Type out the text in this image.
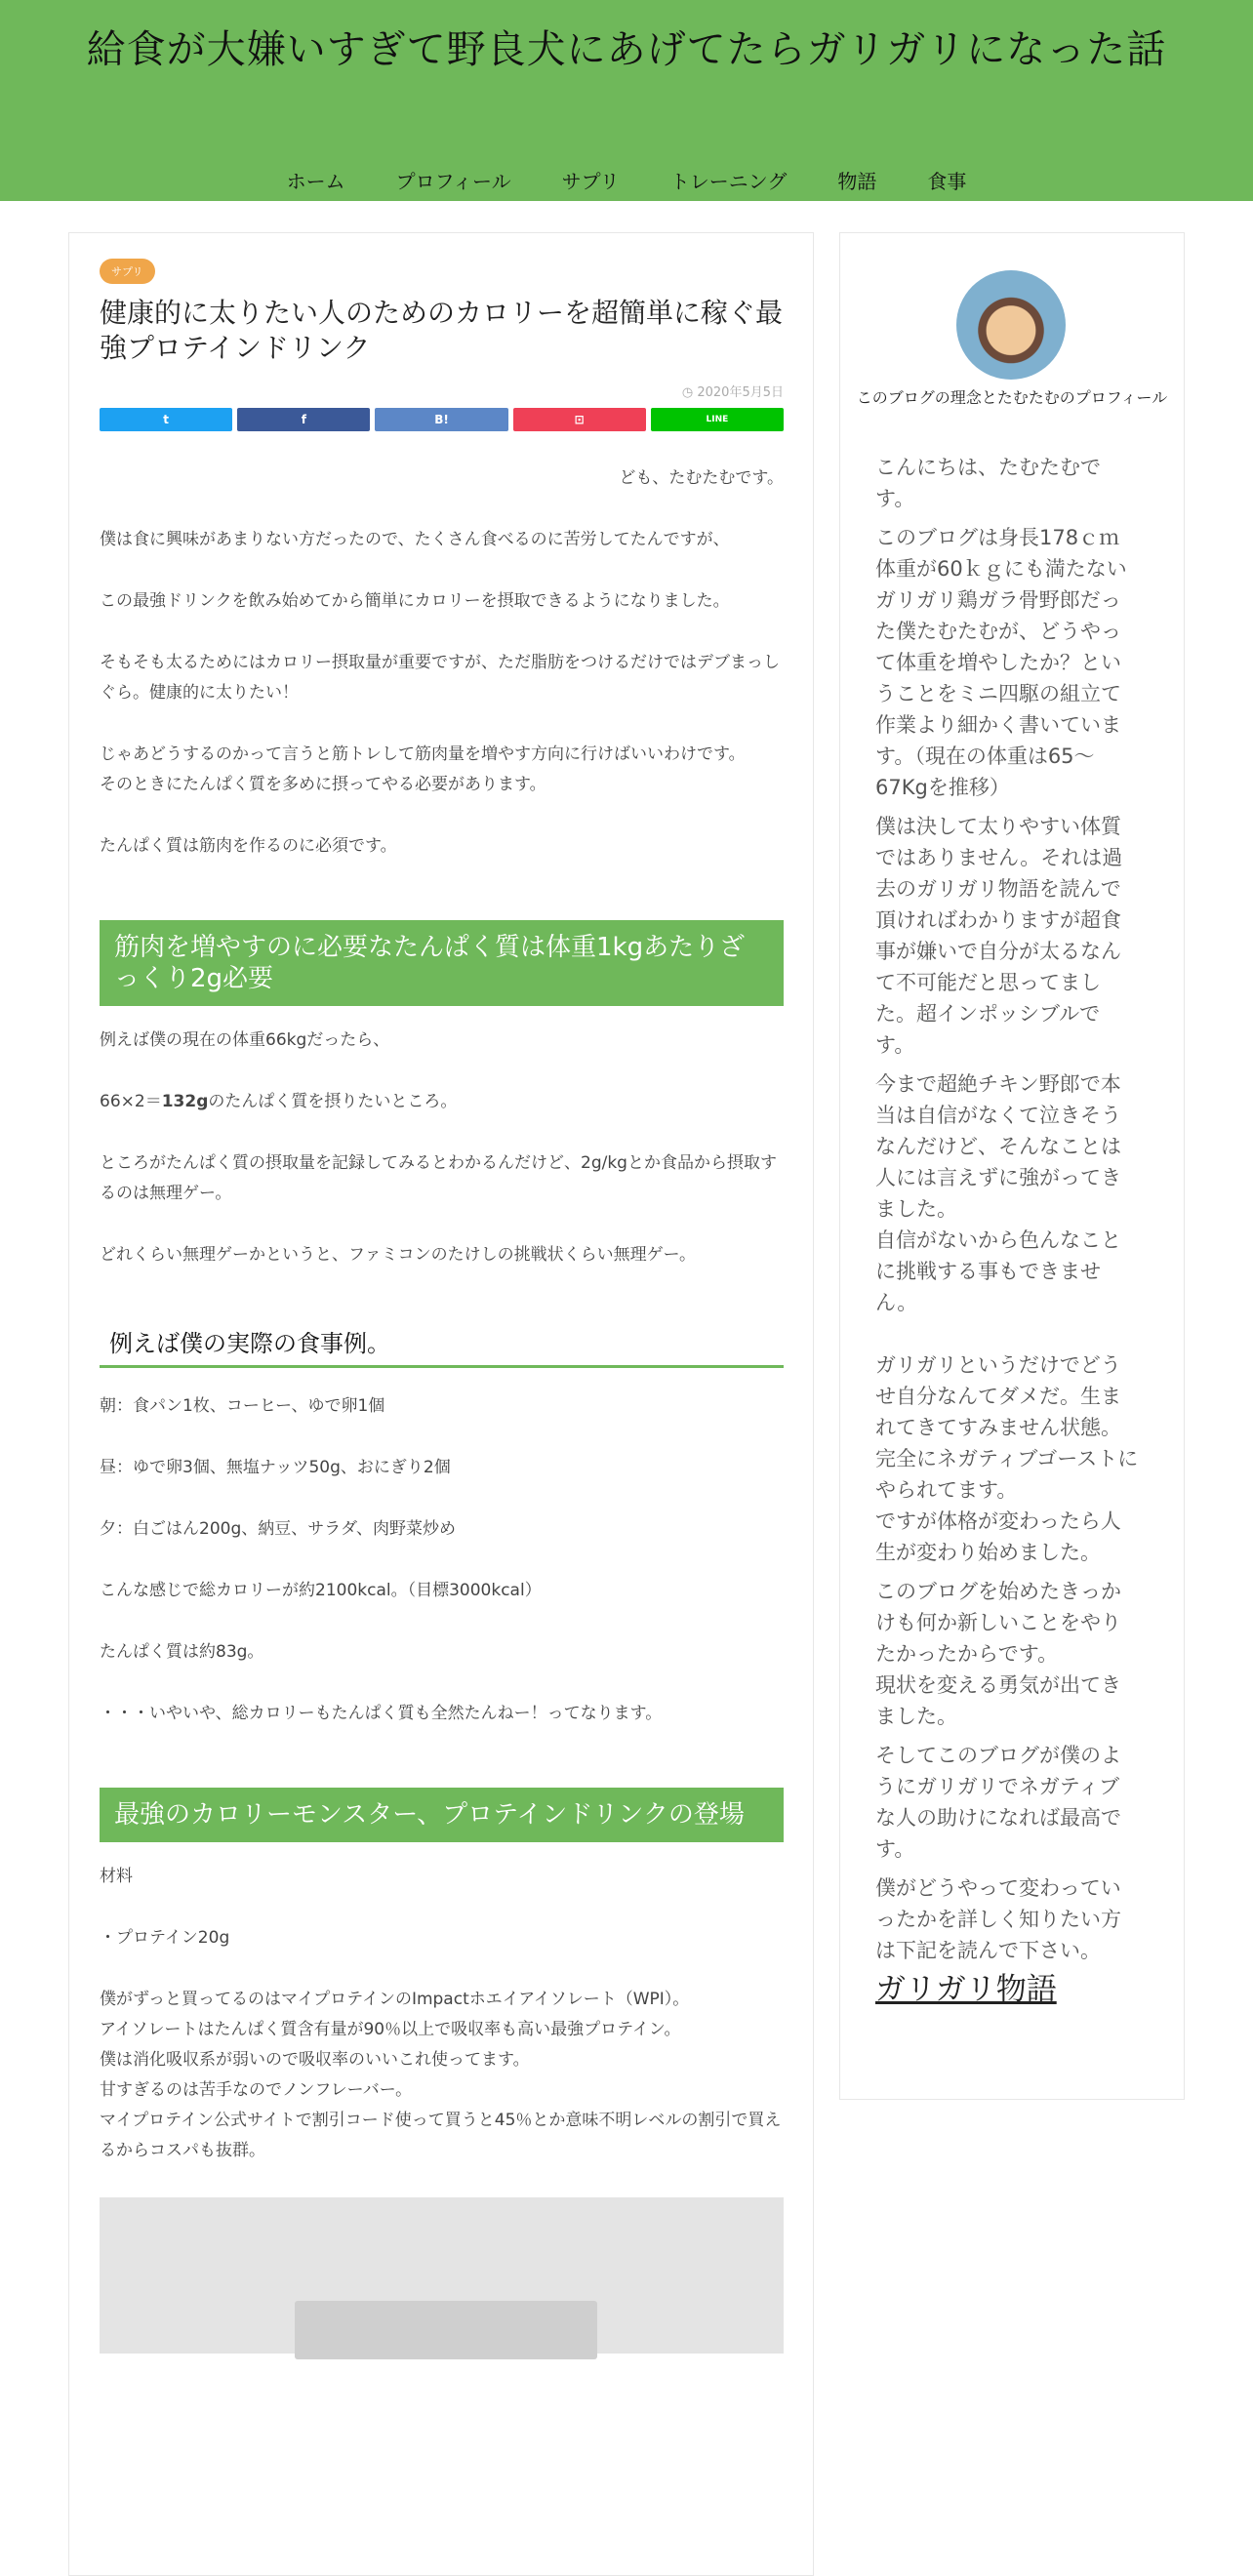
給食が大嫌いすぎて野良犬にあげてたらガリガリになった話
ホーム	プロフィール	サプリ	トレーニング	物語	食事
サプリ
健康的に太りたい人のためのカロリーを超簡単に稼ぐ最強プロテインドリンク
◷ 2020年5月5日
t	f	B!	⊡	LINE

ども、たむたむです。

僕は食に興味があまりない方だったので、たくさん食べるのに苦労してたんですが、

この最強ドリンクを飲み始めてから簡単にカロリーを摂取できるようになりました。

そもそも太るためにはカロリー摂取量が重要ですが、ただ脂肪をつけるだけではデブまっしぐら。健康的に太りたい！

じゃあどうするのかって言うと筋トレして筋肉量を増やす方向に行けばいいわけです。
そのときにたんぱく質を多めに摂ってやる必要があります。

たんぱく質は筋肉を作るのに必須です。

筋肉を増やすのに必要なたんぱく質は体重1kgあたりざっくり2g必要

例えば僕の現在の体重66kgだったら、

66×2＝132gのたんぱく質を摂りたいところ。

ところがたんぱく質の摂取量を記録してみるとわかるんだけど、2g/kgとか食品から摂取するのは無理ゲー。

どれくらい無理ゲーかというと、ファミコンのたけしの挑戦状くらい無理ゲー。

例えば僕の実際の食事例。

朝：食パン1枚、コーヒー、ゆで卵1個

昼：ゆで卵3個、無塩ナッツ50g、おにぎり2個

夕：白ごはん200g、納豆、サラダ、肉野菜炒め

こんな感じで総カロリーが約2100kcal。（目標3000kcal）

たんぱく質は約83g。

・・・いやいや、総カロリーもたんぱく質も全然たんねー！ってなります。

最強のカロリーモンスター、プロテインドリンクの登場

材料

・プロテイン20g

僕がずっと買ってるのはマイプロテインのImpactホエイアイソレート（WPI）。
アイソレートはたんぱく質含有量が90％以上で吸収率も高い最強プロテイン。
僕は消化吸収系が弱いので吸収率のいいこれ使ってます。
甘すぎるのは苦手なのでノンフレーバー。
マイプロテイン公式サイトで割引コード使って買うと45％とか意味不明レベルの割引で買えるからコスパも抜群。

このブログの理念とたむたむのプロフィール

こんにちは、たむたむです。

このブログは身長178ｃｍ体重が60ｋｇにも満たないガリガリ鶏ガラ骨野郎だった僕たむたむが、どうやって体重を増やしたか？ということをミニ四駆の組立て作業より細かく書いています。（現在の体重は65〜67Kgを推移）

僕は決して太りやすい体質ではありません。それは過去のガリガリ物語を読んで頂ければわかりますが超食事が嫌いで自分が太るなんて不可能だと思ってました。超インポッシブルです。

今まで超絶チキン野郎で本当は自信がなくて泣きそうなんだけど、そんなことは人には言えずに強がってきました。
自信がないから色んなことに挑戦する事もできません。

ガリガリというだけでどうせ自分なんてダメだ。生まれてきてすみません状態。完全にネガティブゴーストにやられてます。
ですが体格が変わったら人生が変わり始めました。

このブログを始めたきっかけも何か新しいことをやりたかったからです。
現状を変える勇気が出てきました。

そしてこのブログが僕のようにガリガリでネガティブな人の助けになれば最高です。

僕がどうやって変わっていったかを詳しく知りたい方は下記を読んで下さい。

ガリガリ物語
